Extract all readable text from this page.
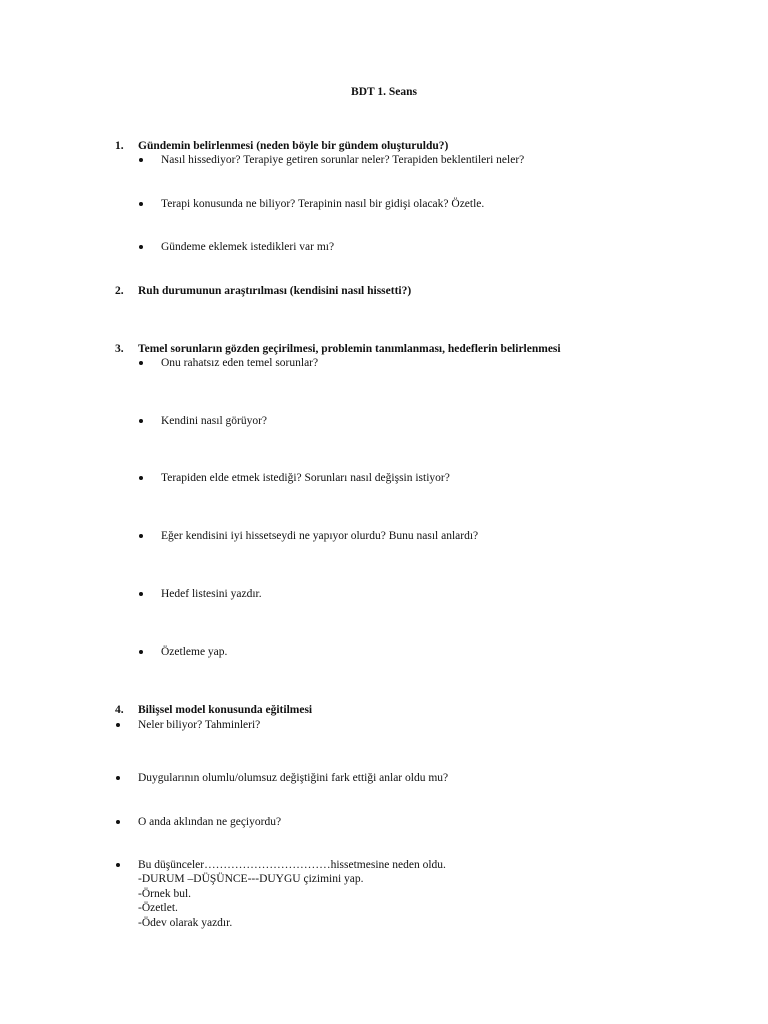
BDT 1. Seans
1. Gündemin belirlenmesi (neden böyle bir gündem oluşturuldu?)
Nasıl hissediyor? Terapiye getiren sorunlar neler? Terapiden beklentileri neler?
Terapi konusunda ne biliyor? Terapinin nasıl bir gidişi olacak? Özetle.
Gündeme eklemek istedikleri var mı?
2. Ruh durumunun araştırılması (kendisini nasıl hissetti?)
3. Temel sorunların gözden geçirilmesi, problemin tanımlanması, hedeflerin belirlenmesi
Onu rahatsız eden temel sorunlar?
Kendini nasıl görüyor?
Terapiden elde etmek istediği? Sorunları nasıl değişsin istiyor?
Eğer kendisini iyi hissetseydi ne yapıyor olurdu? Bunu nasıl anlardı?
Hedef listesini yazdır.
Özetleme yap.
4. Bilişsel model konusunda eğitilmesi
Neler biliyor? Tahminleri?
Duygularının olumlu/olumsuz değiştiğini fark ettiği anlar oldu mu?
O anda aklından ne geçiyordu?
Bu düşünceler……………………………hissetmesine neden oldu.
-DURUM –DÜŞÜNCE---DUYGU çizimini yap.
-Örnek bul.
-Özetlet.
-Ödev olarak yazdır.
